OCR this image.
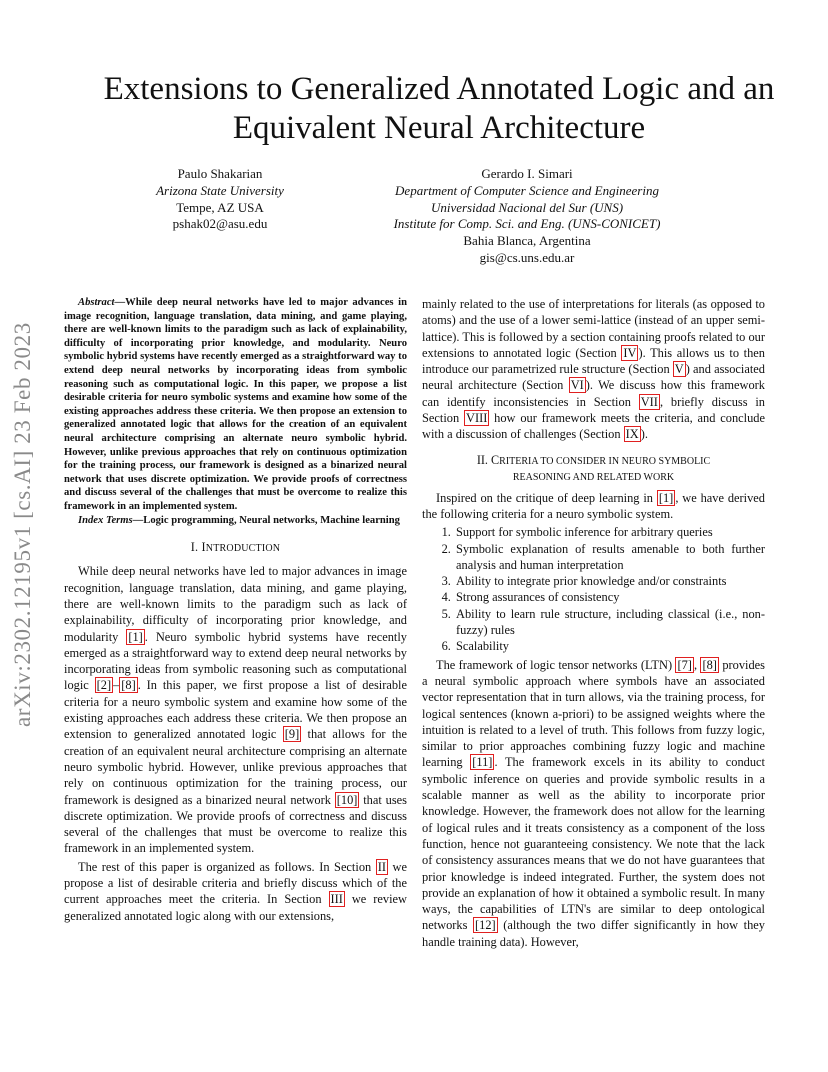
arXiv:2302.12195v1 [cs.AI] 23 Feb 2023
Extensions to Generalized Annotated Logic and an
Equivalent Neural Architecture
Paulo Shakarian
Arizona State University
Tempe, AZ USA
pshak02@asu.edu
Gerardo I. Simari
Department of Computer Science and Engineering
Universidad Nacional del Sur (UNS)
Institute for Comp. Sci. and Eng. (UNS-CONICET)
Bahia Blanca, Argentina
gis@cs.uns.edu.ar

Abstract—While deep neural networks have led to major advances in image recognition, language translation, data mining, and game playing, there are well-known limits to the paradigm such as lack of explainability, difficulty of incorporating prior knowledge, and modularity. Neuro symbolic hybrid systems have recently emerged as a straightforward way to extend deep neural networks by incorporating ideas from symbolic reasoning such as computational logic. In this paper, we propose a list desirable criteria for neuro symbolic systems and examine how some of the existing approaches address these criteria. We then propose an extension to generalized annotated logic that allows for the creation of an equivalent neural architecture comprising an alternate neuro symbolic hybrid. However, unlike previous approaches that rely on continuous optimization for the training process, our framework is designed as a binarized neural network that uses discrete optimization. We provide proofs of correctness and discuss several of the challenges that must be overcome to realize this framework in an implemented system.

Index Terms—Logic programming, Neural networks, Machine learning

I. INTRODUCTION

While deep neural networks have led to major advances in image recognition, language translation, data mining, and game playing, there are well-known limits to the paradigm such as lack of explainability, difficulty of incorporating prior knowledge, and modularity [1] . Neuro symbolic hybrid systems have recently emerged as a straightforward way to extend deep neural networks by incorporating ideas from symbolic reasoning such as computational logic [2] – [8] . In this paper, we first propose a list of desirable criteria for a neuro symbolic system and examine how some of the existing approaches each address these criteria. We then propose an extension to generalized annotated logic [9] that allows for the creation of an equivalent neural architecture comprising an alternate neuro symbolic hybrid. However, unlike previous approaches that rely on continuous optimization for the training process, our framework is designed as a binarized neural network [10] that uses discrete optimization. We provide proofs of correctness and discuss several of the challenges that must be overcome to realize this framework in an implemented system.

The rest of this paper is organized as follows. In Section II we propose a list of desirable criteria and briefly discuss which of the current approaches meet the criteria. In Section III we review generalized annotated logic along with our extensions,

mainly related to the use of interpretations for literals (as opposed to atoms) and the use of a lower semi-lattice (instead of an upper semi-lattice). This is followed by a section containing proofs related to our extensions to annotated logic (Section IV ). This allows us to then introduce our parametrized rule structure (Section V ) and associated neural architecture (Section VI ). We discuss how this framework can identify inconsistencies in Section VII , briefly discuss in Section VIII how our framework meets the criteria, and conclude with a discussion of challenges (Section IX ).

II. CRITERIA TO CONSIDER IN NEURO SYMBOLIC
REASONING AND RELATED WORK

Inspired on the critique of deep learning in [1] , we have derived the following criteria for a neuro symbolic system.

1. Support for symbolic inference for arbitrary queries
2. Symbolic explanation of results amenable to both further analysis and human interpretation
3. Ability to integrate prior knowledge and/or constraints
4. Strong assurances of consistency
5. Ability to learn rule structure, including classical (i.e., non-fuzzy) rules
6. Scalability

The framework of logic tensor networks (LTN) [7] , [8] provides a neural symbolic approach where symbols have an associated vector representation that in turn allows, via the training process, for logical sentences (known a-priori) to be assigned weights where the intuition is related to a level of truth. This follows from fuzzy logic, similar to prior approaches combining fuzzy logic and machine learning [11] . The framework excels in its ability to conduct symbolic inference on queries and provide symbolic results in a scalable manner as well as the ability to incorporate prior knowledge. However, the framework does not allow for the learning of logical rules and it treats consistency as a component of the loss function, hence not guaranteeing consistency. We note that the lack of consistency assurances means that we do not have guarantees that prior knowledge is indeed integrated. Further, the system does not provide an explanation of how it obtained a symbolic result. In many ways, the capabilities of LTN's are similar to deep ontological networks [12] (although the two differ significantly in how they handle training data). However,
